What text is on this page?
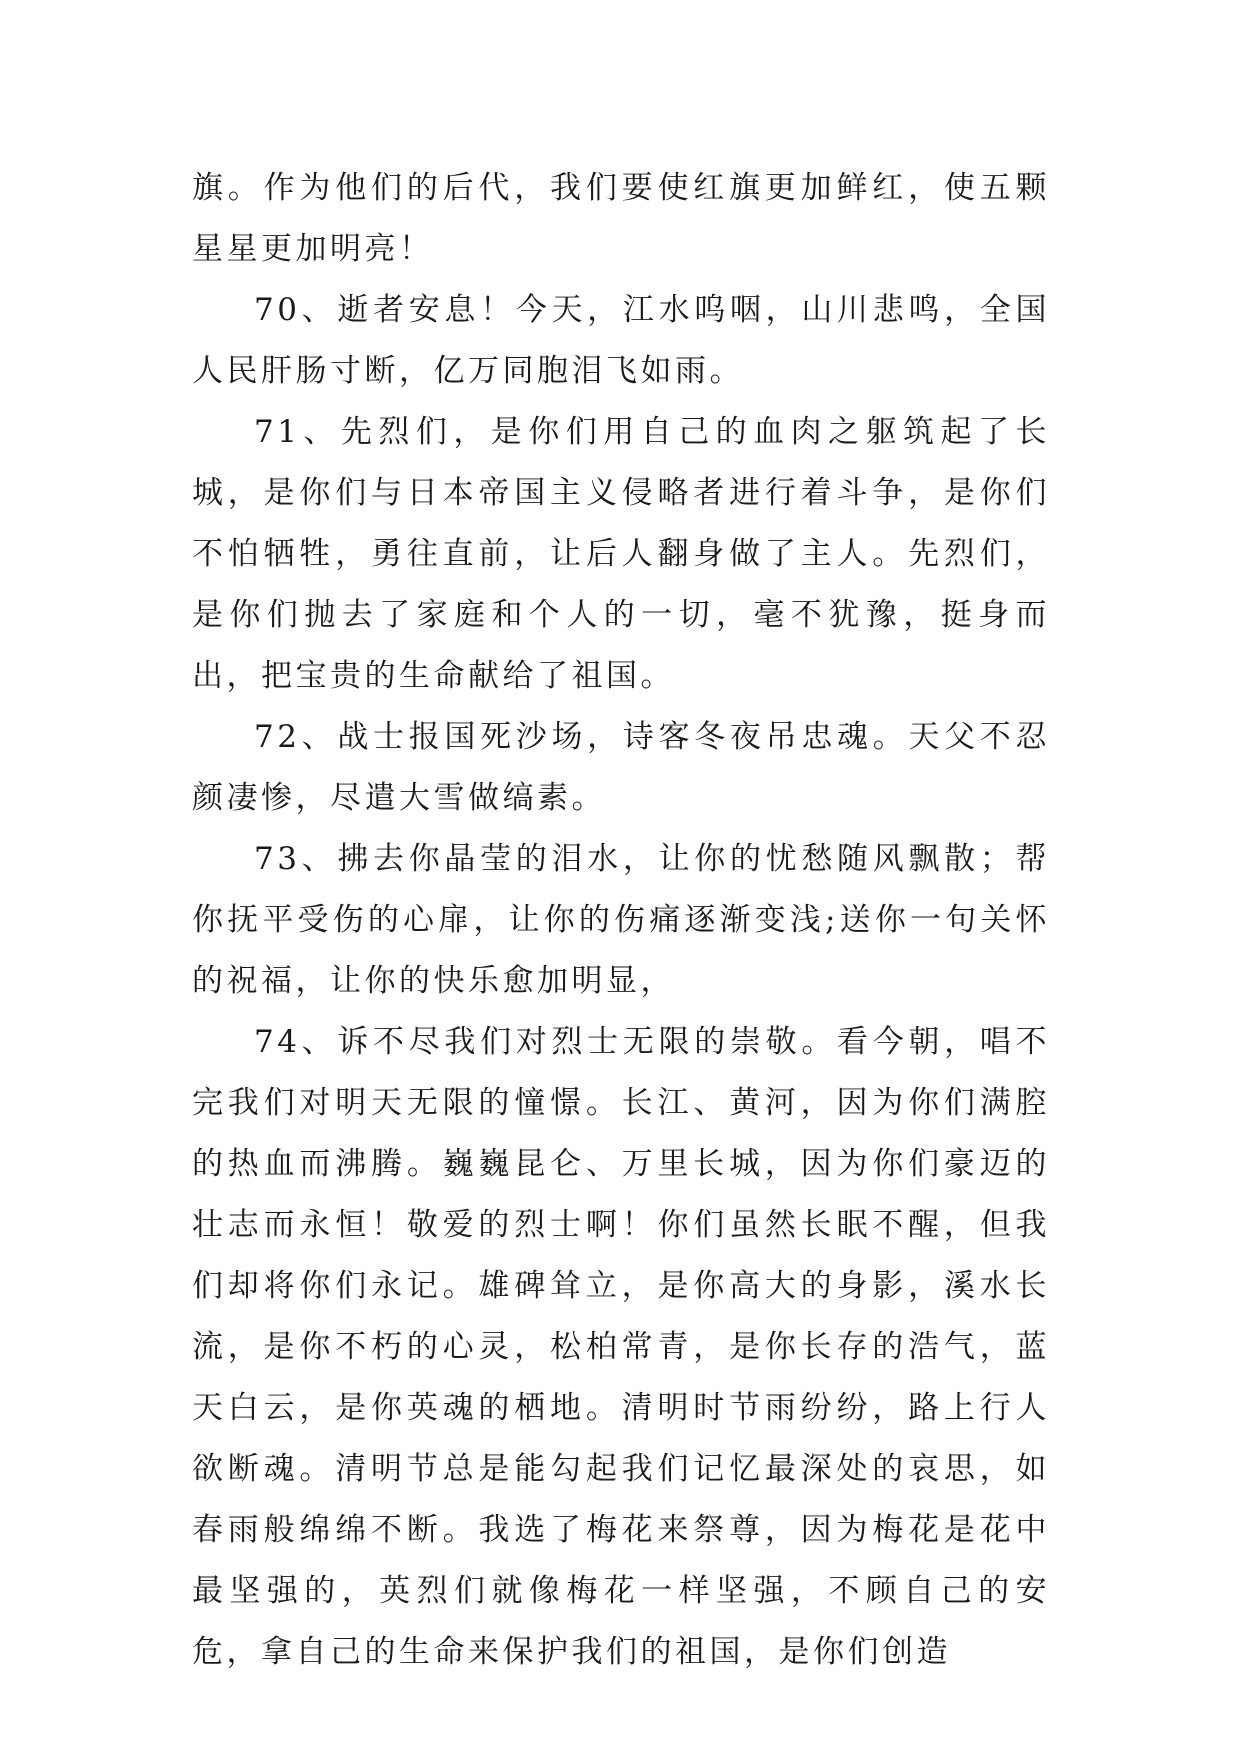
旗。作为他们的后代，我们要使红旗更加鲜红，使五颗星星更加明亮！

70、逝者安息！今天，江水呜咽，山川悲鸣，全国人民肝肠寸断，亿万同胞泪飞如雨。

71、先烈们，是你们用自己的血肉之躯筑起了长城，是你们与日本帝国主义侵略者进行着斗争，是你们不怕牺牲，勇往直前，让后人翻身做了主人。先烈们，是你们抛去了家庭和个人的一切，毫不犹豫，挺身而出，把宝贵的生命献给了祖国。

72、战士报国死沙场，诗客冬夜吊忠魂。天父不忍颜凄惨，尽遣大雪做缟素。

73、拂去你晶莹的泪水，让你的忧愁随风飘散；帮你抚平受伤的心扉，让你的伤痛逐渐变浅;送你一句关怀的祝福，让你的快乐愈加明显，

74、诉不尽我们对烈士无限的崇敬。看今朝，唱不完我们对明天无限的憧憬。长江、黄河，因为你们满腔的热血而沸腾。巍巍昆仑、万里长城，因为你们豪迈的壮志而永恒！敬爱的烈士啊！你们虽然长眠不醒，但我们却将你们永记。雄碑耸立，是你高大的身影，溪水长流，是你不朽的心灵，松柏常青，是你长存的浩气，蓝天白云，是你英魂的栖地。清明时节雨纷纷，路上行人欲断魂。清明节总是能勾起我们记忆最深处的哀思，如春雨般绵绵不断。我选了梅花来祭尊，因为梅花是花中最坚强的，英烈们就像梅花一样坚强，不顾自己的安危，拿自己的生命来保护我们的祖国，是你们创造
